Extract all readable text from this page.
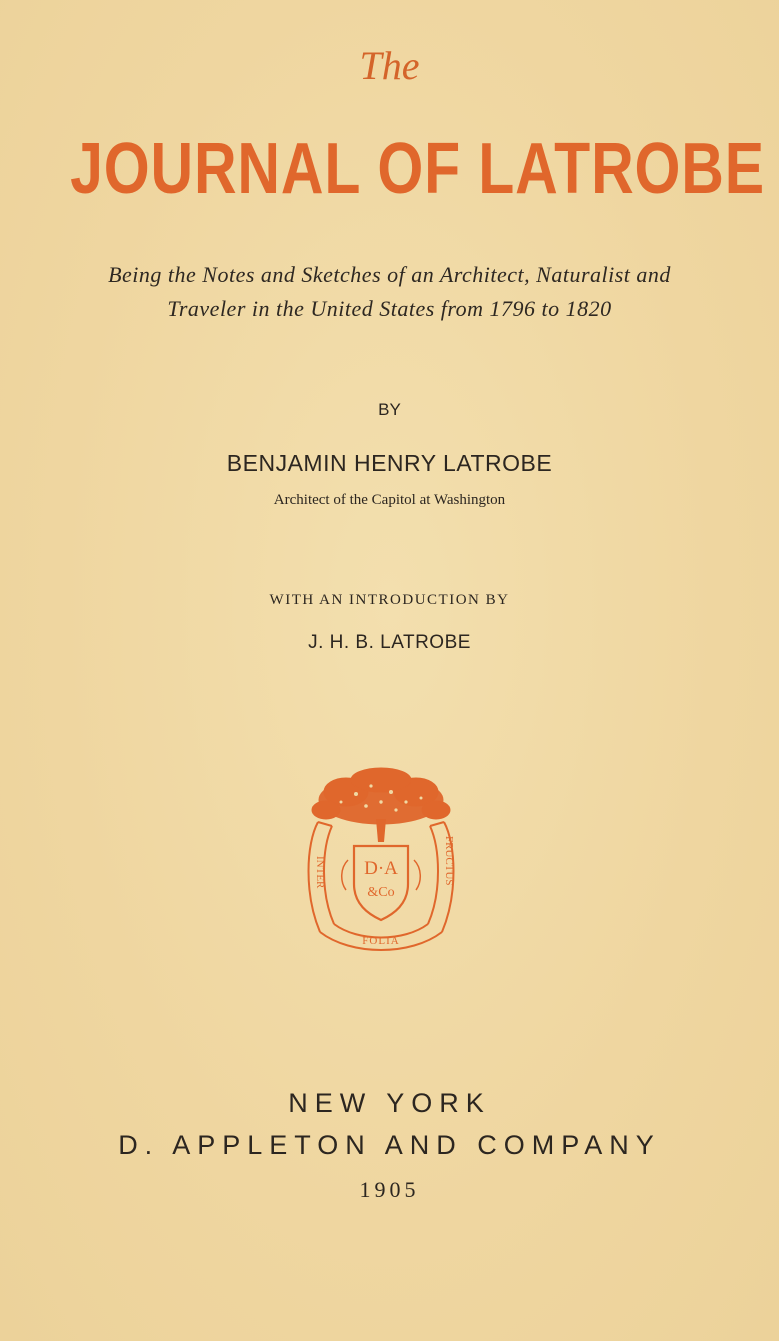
The
JOURNAL OF LATROBE
Being the Notes and Sketches of an Architect, Naturalist and
Traveler in the United States from 1796 to 1820
BY
BENJAMIN HENRY LATROBE
Architect of the Capitol at Washington
WITH AN INTRODUCTION BY
J. H. B. LATROBE
D·A
&Co
INTER	FRUCTUS
FOLIA
NEW YORK
D. APPLETON AND COMPANY
1905
